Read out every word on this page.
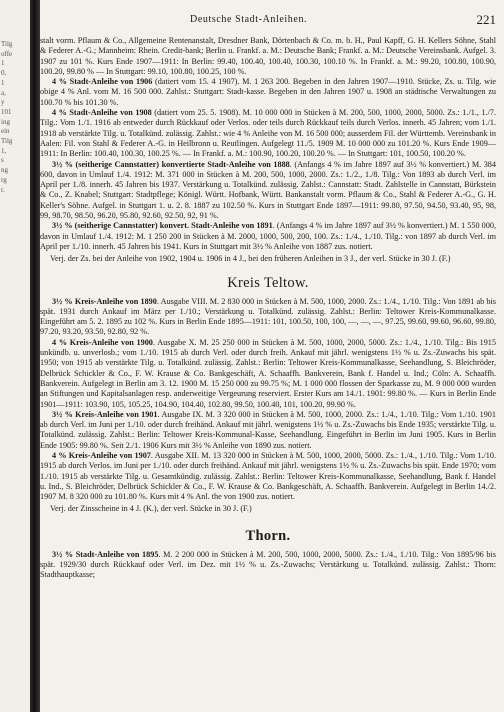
Tilg
offe
1
0,
1
a,
y
101
ing
ein
Tilg
1,
s
ng
rg
r.
Deutsche Stadt-Anleihen.	221

stalt vorm. Pflaum & Co., Allgemeine Rentenanstalt, Dresdner Bank, Dörtenbach & Co. m. b. H., Paul Kapff, G. H. Kellers Söhne, Stahl & Federer A.-G.; Mannheim: Rhein. Credit-bank; Berlin u. Frankf. a. M.: Deutsche Bank; Frankf. a. M.: Deutsche Vereinsbank. Aufgel. 3. 1907 zu 101 %. Kurs Ende 1907—1911: In Berlin: 99.40, 100.40, 100.40, 100.30, 100.10 %. In Frankf. a. M.: 99.20, 100.80, 100.90, 100.20, 99.80 % — In Stuttgart: 99.10, 100.80, 100.25, 100 %.

4 % Stadt-Anleihe von 1906 (datiert vom 15. 4 1907). M. 1 263 200. Begeben in den Jahren 1907—1910. Stücke, Zs. u. Tilg. wie obige 4 % Anl. vom M. 16 500 000. Zahlst.: Stuttgart: Stadt-kasse. Begeben in den Jahren 1907 u. 1908 an städtische Verwaltungen zu 100.70 % bis 101.30 %.

4 % Stadt-Anleihe von 1908 (datiert vom 25. 5. 1908). M. 10 000 000 in Stücken à M. 200, 500, 1000, 2000, 5000. Zs.: 1./1., 1./7. Tilg.: Vom 1./1. 1916 ab entweder durch Rückkauf oder Verlos. oder teils durch Rückkauf teils durch Verlos. innerh. 45 Jahren; vom 1./1. 1918 ab verstärkte Tilg. u. Totalkünd. zulässig. Zahlst.: wie 4 % Anleihe von M. 16 500 000; ausserdem Fil. der Württemb. Vereinsbank in Aalen: Fil. von Stahl & Federer A.-G. in Heilbronn u. Reutlingen. Aufgelegt 11./5. 1909 M. 10 000 000 zu 101.20 %. Kurs Ende 1909—1911: In Berlin: 100.40, 100.30, 100.25 %. — In Frankf. a. M.: 100.90, 100.20, 100.20 %. — In Stuttgart: 101, 100.50, 100.20 %.

3½ % (seitherige Cannstatter) konvertierte Stadt-Anleihe von 1888. (Anfangs 4 % im Jahre 1897 auf 3½ % konvertiert.) M. 384 600, davon in Umlauf 1./4. 1912: M. 371 000 in Stücken à M. 200, 500, 1000, 2000. Zs.: 1./2., 1./8. Tilg.: Von 1893 ab durch Verl. im April per 1./8. innerh. 45 Jahren bis 1937. Verstärkung u. Totalkünd. zulässig. Zahlst.: Cannstatt: Stadt. Zahlstelle in Cannstatt, Bürkstein & Co., Z. Knabel; Stuttgart: Stadtpflege; Königl. Württ. Hofbank, Württ. Bankanstalt vorm. Pflaum & Co., Stahl & Federer A.-G., G. H. Keller's Söhne. Aufgel. in Stuttgart 1. u. 2. 8. 1887 zu 102.50 %. Kurs in Stuttgart Ende 1897—1911: 99.80, 97.50, 94.50, 93.40, 95, 98, 99, 98.70, 98.50, 96.20, 95.80, 92.60, 92.50, 92, 91 %.

3½ % (seitherige Cannstatter) konvert. Stadt-Anleihe von 1891. (Anfangs 4 % im Jahre 1897 auf 3½ % konvertiert.) M. 1 550 000, davon in Umlauf 1./4. 1912: M. 1 250 200 in Stücken à M. 2000, 1000, 500, 200, 100. Zs.: 1./4., 1./10. Tilg.: von 1897 ab durch Verl. im April per 1./10. innerh. 45 Jahren bis 1941. Kurs in Stuttgart mit 3½ % Anleihe von 1887 zus. notiert.

Verj. der Zs. bei der Anleihe von 1902, 1904 u. 1906 in 4 J., bei den früheren Anleihen in 3 J., der verl. Stücke in 30 J. (F.)

Kreis Teltow.

3½ % Kreis-Anleihe von 1890. Ausgabe VIII. M. 2 830 000 in Stücken à M. 500, 1000, 2000. Zs.: 1./4., 1./10. Tilg.: Von 1891 ab bis spät. 1931 durch Ankauf im März per 1./10.; Verstärkung u. Totalkünd. zulässig. Zahlst.: Berlin: Teltower Kreis-Kommunalkasse. Eingeführt am 5. 2. 1895 zu 102 %. Kurs in Berlin Ende 1895—1911: 101, 100.50, 100, 100, —, —, —, 97.25, 99.60, 99.60, 96.60, 99.80, 97.20, 93.20, 93.50, 92.80, 92 %.

4 % Kreis-Anleihe von 1900. Ausgabe X. M. 25 250 000 in Stücken à M. 500, 1000, 2000, 5000. Zs.: 1./4., 1./10. Tilg.: Bis 1915 unkündb. u. unverlosb.; vom 1./10. 1915 ab durch Verl. oder durch freih. Ankauf mit jährl. wenigstens 1½ % u. Zs.-Zuwachs bis spät. 1950; von 1915 ab verstärkte Tilg. u. Totalkünd. zulässig. Zahlst.: Berlin: Teltower Kreis-Kommunalkasse, Seehandlung, S. Bleichröder, Delbrück Schickler & Co., F. W. Krause & Co. Bankgeschäft, A. Schaaffh. Bankverein, Bank f. Handel u. Ind.; Cöln: A. Schaaffh. Bankverein. Aufgelegt in Berlin am 3. 12. 1900 M. 15 250 000 zu 99.75 %; M. 1 000 000 flossen der Sparkasse zu, M. 9 000 000 wurden an Stiftungen und Kapitalsanlagen resp. anderweitige Vergeurung reserviert. Erster Kurs am 14./1. 1901: 99.80 %. — Kurs in Berlin Ende 1901—1911: 103.90, 105, 105.25, 104.90, 104.40, 102.80, 99.50, 100.40, 101, 100.20, 99.90 %.

3½ % Kreis-Anleihe von 1901. Ausgabe IX. M. 3 320 000 in Stücken à M. 500, 1000, 2000. Zs.: 1./4., 1./10. Tilg.: Vom 1./10. 1901 ab durch Verl. im Juni per 1./10. oder durch freihänd. Ankauf mit jährl. wenigstens 1½ % u. Zs.-Zuwachs bis Ende 1935; verstärkte Tilg. u. Totalkünd. zulässig. Zahlst.: Berlin: Teltower Kreis-Kommunal-Kasse, Seehandlung. Eingeführt in Berlin im Juni 1905. Kurs in Berlin Ende 1905: 99.80 %. Seit 2./1. 1906 Kurs mit 3½ % Anleihe von 1890 zus. notiert.

4 % Kreis-Anleihe von 1907. Ausgabe XII. M. 13 320 000 in Stücken à M. 500, 1000, 2000, 5000. Zs.: 1./4., 1./10. Tilg.: Vom 1./10. 1915 ab durch Verlos. im Juni per 1./10. oder durch freihänd. Ankauf mit jährl. wenigstens 1½ % u. Zs.-Zuwachs bis spät. Ende 1970; vom 1./10. 1915 ab verstärkte Tilg. u. Gesamtkündig. zulässig. Zahlst.: Berlin: Teltower Kreis-Kommunalkasse, Seehandlung, Bank f. Handel u. Ind., S. Bleichröder, Delbrück Schickler & Co., F. W. Krause & Co. Bankgeschäft, A. Schaaffh. Bankverein. Aufgelegt in Berlin 14./2. 1907 M. 8 320 000 zu 101.80 %. Kurs mit 4 % Anl. the von 1900 zus. notiert.

Verj. der Zinsscheine in 4 J. (K.), der verl. Stücke in 30 J. (F.)

Thorn.

3½ % Stadt-Anleihe von 1895. M. 2 200 000 in Stücken à M. 200, 500, 1000, 2000, 5000. Zs.: 1./4., 1./10. Tilg.: Von 1895/96 bis spät. 1929/30 durch Rückkauf oder Verl. im Dez. mit 1½ % u. Zs.-Zuwachs; Verstärkung u. Totalkünd. zulässig. Zahlst.: Thorn: Stadthauptkasse;
